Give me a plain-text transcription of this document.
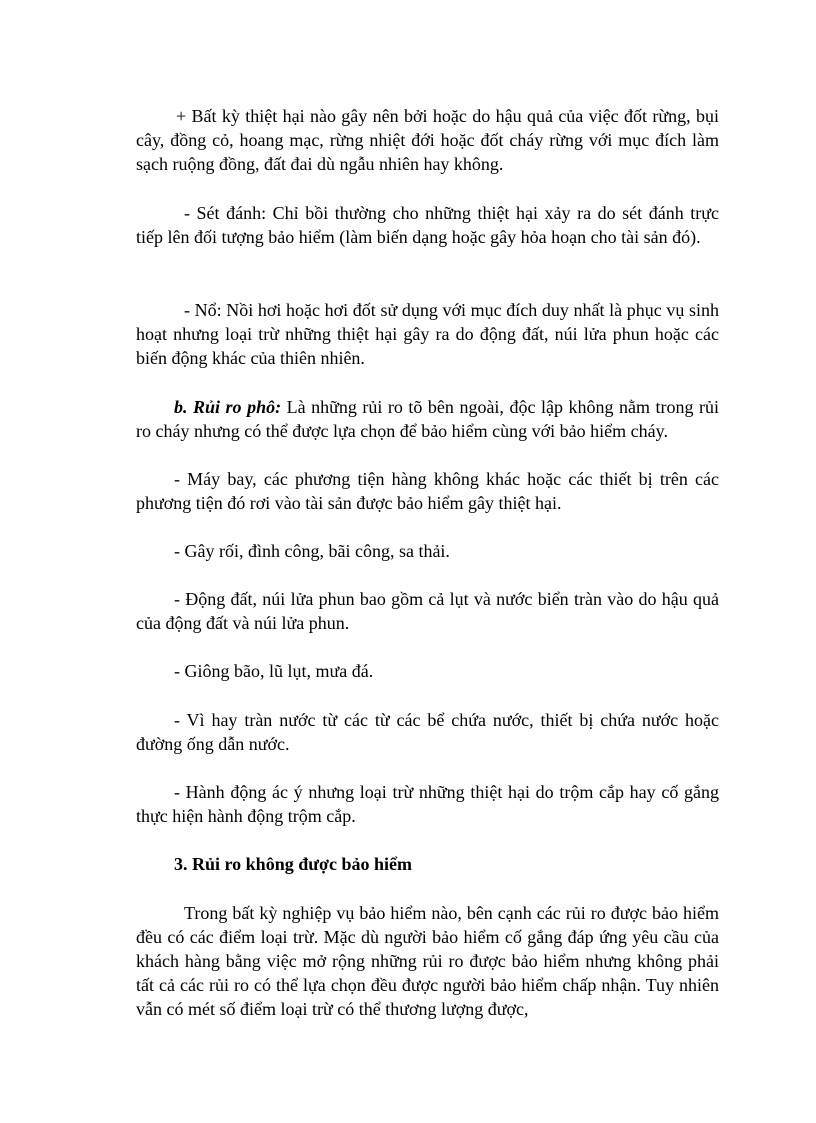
+ Bất kỳ thiệt hại nào gây nên bởi hoặc do hậu quả của việc đốt rừng, bụi cây, đồng cỏ, hoang mạc, rừng nhiệt đới hoặc đốt cháy rừng với mục đích làm sạch ruộng đồng, đất đai dù ngẫu nhiên hay không.

- Sét đánh: Chỉ bồi thường cho những thiệt hại xảy ra do sét đánh trực tiếp lên đối tượng bảo hiểm (làm biến dạng hoặc gây hỏa hoạn cho tài sản đó).

- Nổ: Nồi hơi hoặc hơi đốt sử dụng với mục đích duy nhất là phục vụ sinh hoạt nhưng loại trừ những thiệt hại gây ra do động đất, núi lửa phun hoặc các biến động khác của thiên nhiên.

b. Rủi ro phô: Là những rủi ro tõ bên ngoài, độc lập không nằm trong rủi ro cháy nhưng có thể được lựa chọn để bảo hiểm cùng với bảo hiểm cháy.

- Máy bay, các phương tiện hàng không khác hoặc các thiết bị trên các phương tiện đó rơi vào tài sản được bảo hiểm gây thiệt hại.

- Gây rối, đình công, bãi công, sa thải.

- Động đất, núi lửa phun bao gồm cả lụt và nước biển tràn vào do hậu quả của động đất và núi lửa phun.

- Giông bão, lũ lụt, mưa đá.

- Vì hay tràn nước từ các từ các bể chứa nước, thiết bị chứa nước hoặc đường ống dẫn nước.

- Hành động ác ý nhưng loại trừ những thiệt hại do trộm cắp hay cố gắng thực hiện hành động trộm cắp.

3. Rủi ro không được bảo hiểm

Trong bất kỳ nghiệp vụ bảo hiểm nào, bên cạnh các rủi ro được bảo hiểm đều có các điểm loại trừ. Mặc dù người bảo hiểm cố gắng đáp ứng yêu cầu của khách hàng bằng việc mở rộng những rủi ro được bảo hiểm nhưng không phải tất cả các rủi ro có thể lựa chọn đều được người bảo hiểm chấp nhận. Tuy nhiên vẫn có mét số điểm loại trừ có thể thương lượng được,
